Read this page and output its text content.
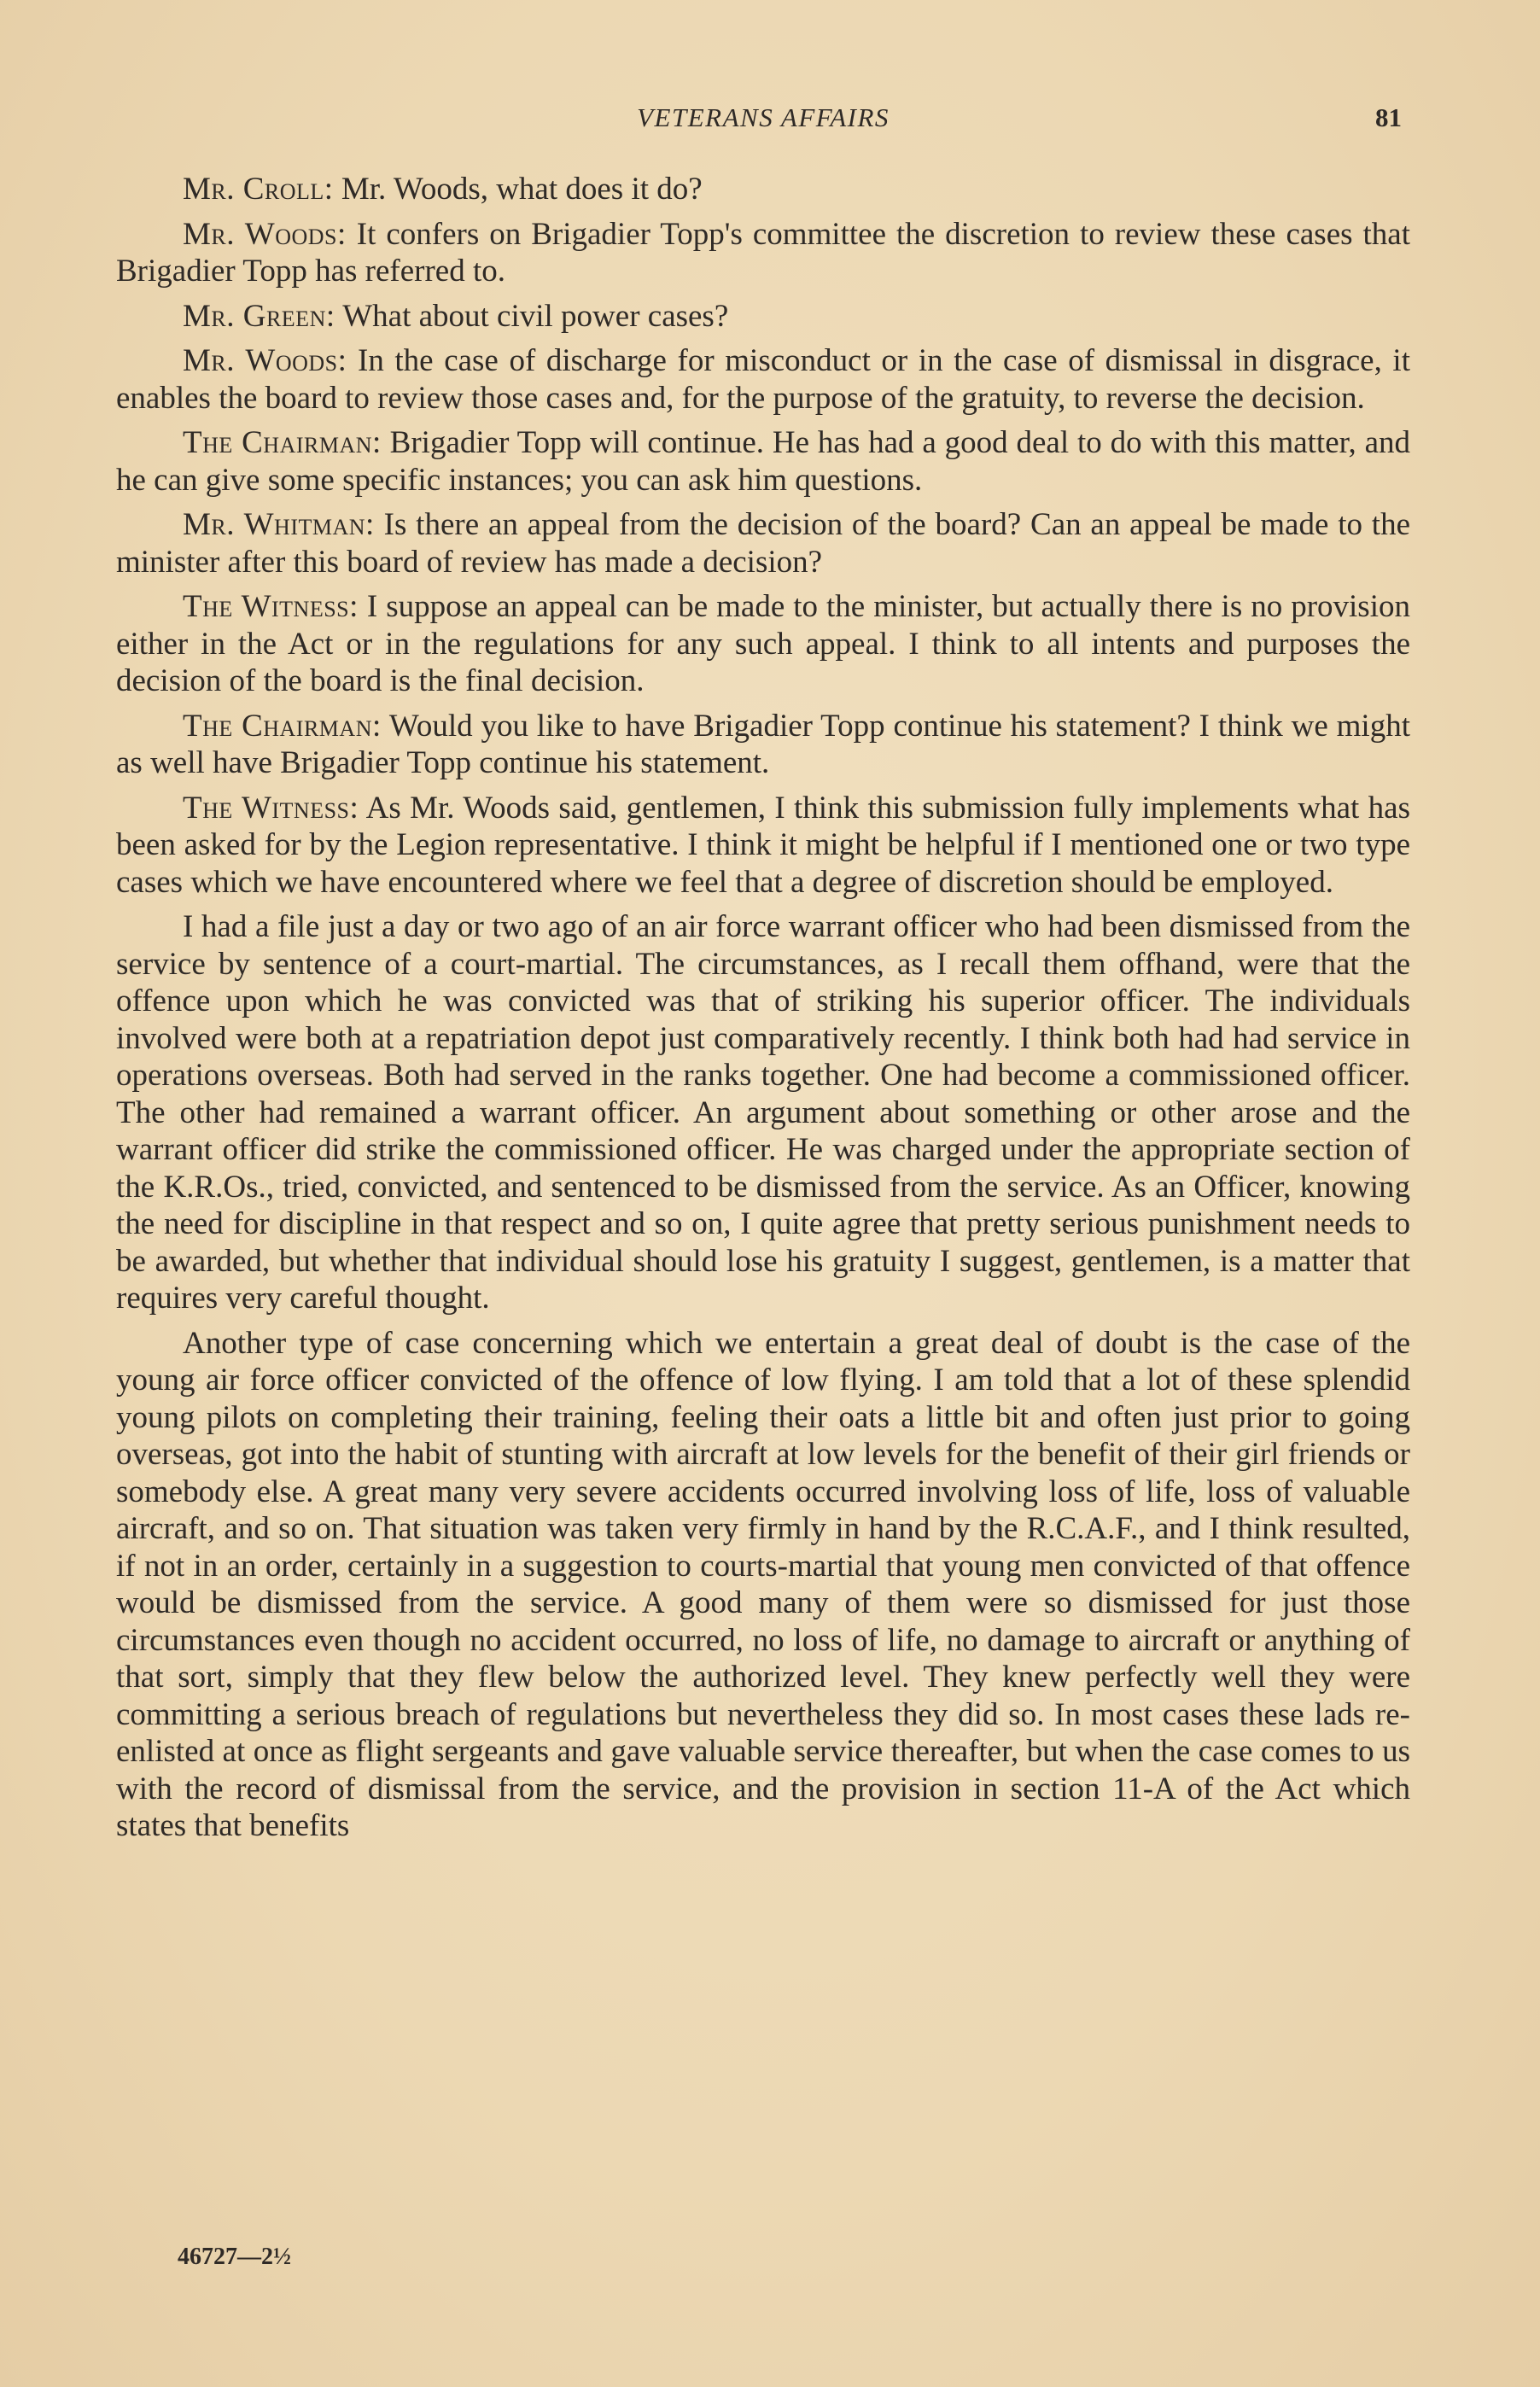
VETERANS AFFAIRS	81

Mr. Croll: Mr. Woods, what does it do?

Mr. Woods: It confers on Brigadier Topp's committee the discretion to review these cases that Brigadier Topp has referred to.

Mr. Green: What about civil power cases?

Mr. Woods: In the case of discharge for misconduct or in the case of dismissal in disgrace, it enables the board to review those cases and, for the purpose of the gratuity, to reverse the decision.

The Chairman: Brigadier Topp will continue. He has had a good deal to do with this matter, and he can give some specific instances; you can ask him questions.

Mr. Whitman: Is there an appeal from the decision of the board? Can an appeal be made to the minister after this board of review has made a decision?

The Witness: I suppose an appeal can be made to the minister, but actually there is no provision either in the Act or in the regulations for any such appeal. I think to all intents and purposes the decision of the board is the final decision.

The Chairman: Would you like to have Brigadier Topp continue his statement? I think we might as well have Brigadier Topp continue his statement.

The Witness: As Mr. Woods said, gentlemen, I think this submission fully implements what has been asked for by the Legion representative. I think it might be helpful if I mentioned one or two type cases which we have encountered where we feel that a degree of discretion should be employed.

I had a file just a day or two ago of an air force warrant officer who had been dismissed from the service by sentence of a court-martial. The circumstances, as I recall them offhand, were that the offence upon which he was convicted was that of striking his superior officer. The individuals involved were both at a repatriation depot just comparatively recently. I think both had had service in operations overseas. Both had served in the ranks together. One had become a commissioned officer. The other had remained a warrant officer. An argument about something or other arose and the warrant officer did strike the commissioned officer. He was charged under the appropriate section of the K.R.Os., tried, convicted, and sentenced to be dismissed from the service. As an Officer, knowing the need for discipline in that respect and so on, I quite agree that pretty serious punishment needs to be awarded, but whether that individual should lose his gratuity I suggest, gentlemen, is a matter that requires very careful thought.

Another type of case concerning which we entertain a great deal of doubt is the case of the young air force officer convicted of the offence of low flying. I am told that a lot of these splendid young pilots on completing their training, feeling their oats a little bit and often just prior to going overseas, got into the habit of stunting with aircraft at low levels for the benefit of their girl friends or somebody else. A great many very severe accidents occurred involving loss of life, loss of valuable aircraft, and so on. That situation was taken very firmly in hand by the R.C.A.F., and I think resulted, if not in an order, certainly in a suggestion to courts-martial that young men convicted of that offence would be dismissed from the service. A good many of them were so dismissed for just those circumstances even though no accident occurred, no loss of life, no damage to aircraft or anything of that sort, simply that they flew below the authorized level. They knew perfectly well they were committing a serious breach of regulations but nevertheless they did so. In most cases these lads re-enlisted at once as flight sergeants and gave valuable service thereafter, but when the case comes to us with the record of dismissal from the service, and the provision in section 11-A of the Act which states that benefits

46727—2½
